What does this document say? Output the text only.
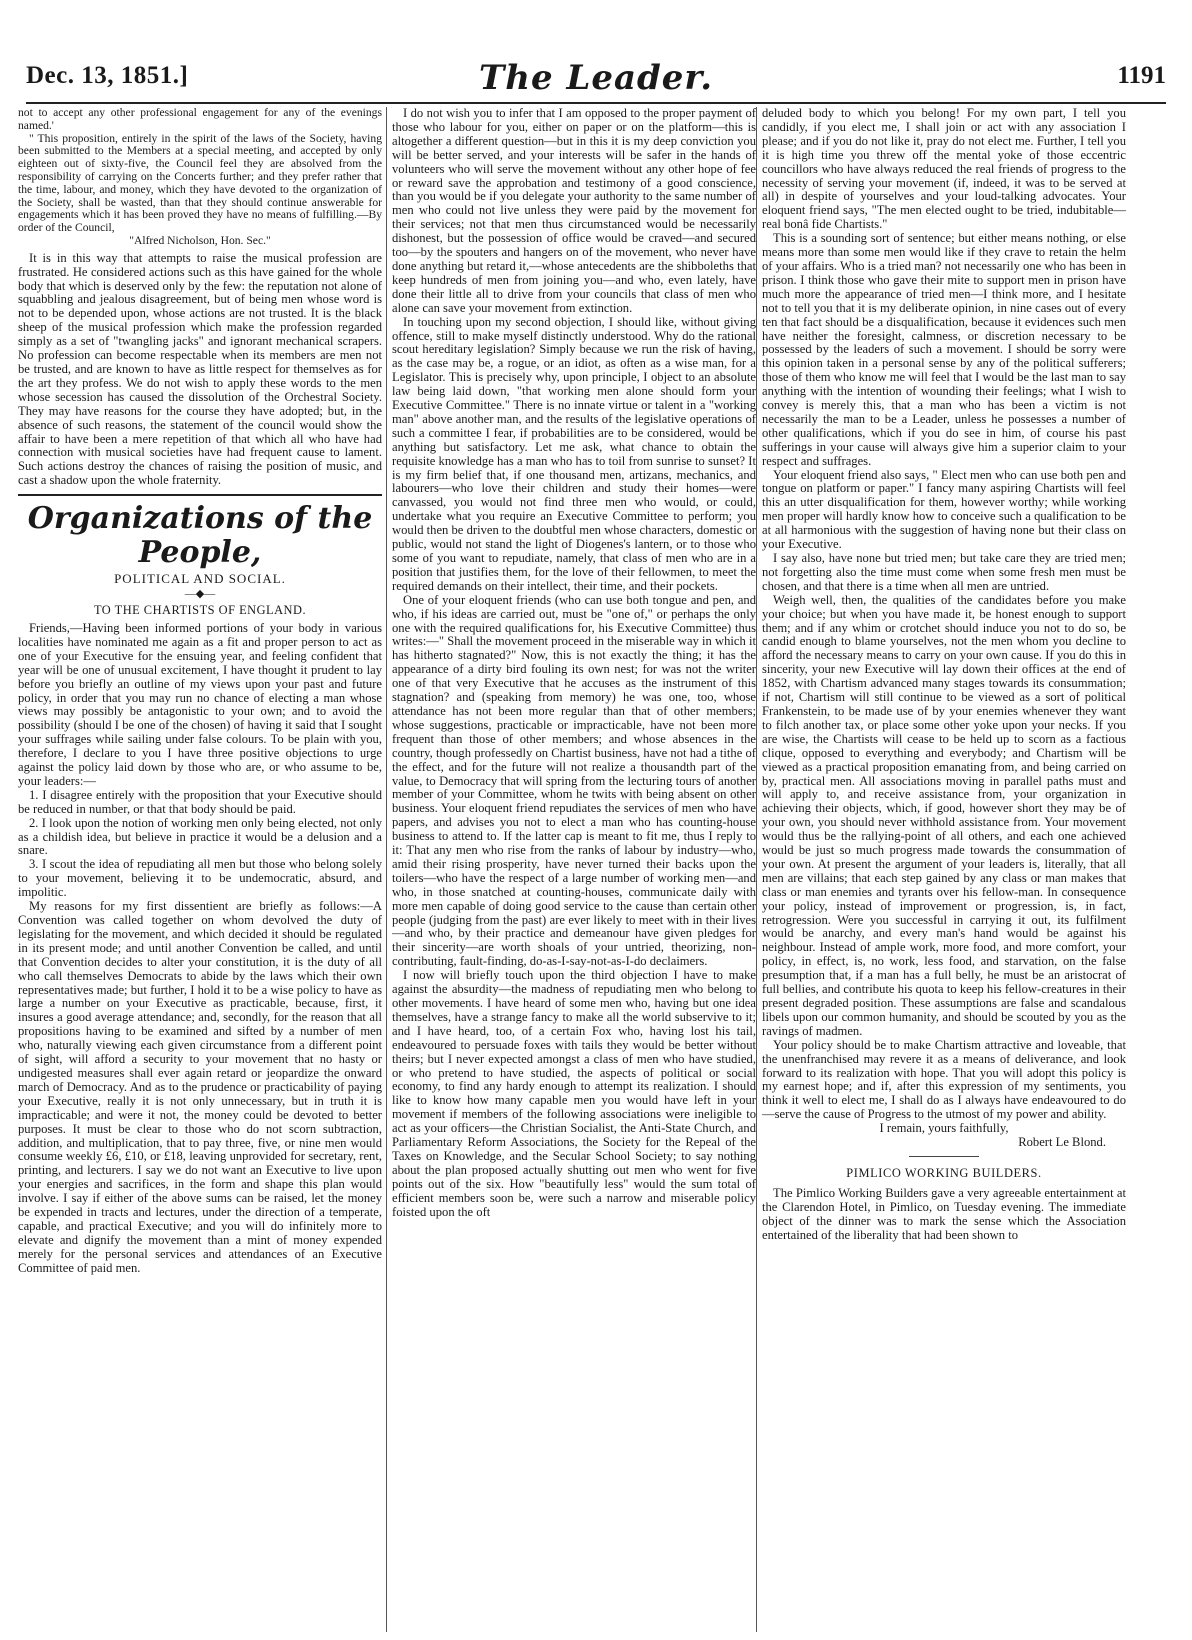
Dec. 13, 1851.]	The Leader.	1191

not to accept any other professional engagement for any of the evenings named.'

" This proposition, entirely in the spirit of the laws of the Society, having been submitted to the Members at a special meeting, and accepted by only eighteen out of sixty-five, the Council feel they are absolved from the responsibility of carrying on the Concerts further; and they prefer rather that the time, labour, and money, which they have devoted to the organization of the Society, shall be wasted, than that they should continue answerable for engagements which it has been proved they have no means of fulfilling.—By order of the Council,

"Alfred Nicholson, Hon. Sec."

It is in this way that attempts to raise the musical profession are frustrated. He considered actions such as this have gained for the whole body that which is deserved only by the few: the reputation not alone of squabbling and jealous disagreement, but of being men whose word is not to be depended upon, whose actions are not trusted. It is the black sheep of the musical profession which make the profession regarded simply as a set of "twangling jacks" and ignorant mechanical scrapers. No profession can become respectable when its members are men not be trusted, and are known to have as little respect for themselves as for the art they profess. We do not wish to apply these words to the men whose secession has caused the dissolution of the Orchestral Society. They may have reasons for the course they have adopted; but, in the absence of such reasons, the statement of the council would show the affair to have been a mere repetition of that which all who have had connection with musical societies have had frequent cause to lament. Such actions destroy the chances of raising the position of music, and cast a shadow upon the whole fraternity.

Organizations of the People,
POLITICAL AND SOCIAL.
—◆—
TO THE CHARTISTS OF ENGLAND.

Friends,—Having been informed portions of your body in various localities have nominated me again as a fit and proper person to act as one of your Executive for the ensuing year, and feeling confident that year will be one of unusual excitement, I have thought it prudent to lay before you briefly an outline of my views upon your past and future policy, in order that you may run no chance of electing a man whose views may possibly be antagonistic to your own; and to avoid the possibility (should I be one of the chosen) of having it said that I sought your suffrages while sailing under false colours. To be plain with you, therefore, I declare to you I have three positive objections to urge against the policy laid down by those who are, or who assume to be, your leaders:—

1. I disagree entirely with the proposition that your Executive should be reduced in number, or that that body should be paid.

2. I look upon the notion of working men only being elected, not only as a childish idea, but believe in practice it would be a delusion and a snare.

3. I scout the idea of repudiating all men but those who belong solely to your movement, believing it to be undemocratic, absurd, and impolitic.

My reasons for my first dissentient are briefly as follows:—A Convention was called together on whom devolved the duty of legislating for the movement, and which decided it should be regulated in its present mode; and until another Convention be called, and until that Convention decides to alter your constitution, it is the duty of all who call themselves Democrats to abide by the laws which their own representatives made; but further, I hold it to be a wise policy to have as large a number on your Executive as practicable, because, first, it insures a good average attendance; and, secondly, for the reason that all propositions having to be examined and sifted by a number of men who, naturally viewing each given circumstance from a different point of sight, will afford a security to your movement that no hasty or undigested measures shall ever again retard or jeopardize the onward march of Democracy. And as to the prudence or practicability of paying your Executive, really it is not only unnecessary, but in truth it is impracticable; and were it not, the money could be devoted to better purposes. It must be clear to those who do not scorn subtraction, addition, and multiplication, that to pay three, five, or nine men would consume weekly £6, £10, or £18, leaving unprovided for secretary, rent, printing, and lecturers. I say we do not want an Executive to live upon your energies and sacrifices, in the form and shape this plan would involve. I say if either of the above sums can be raised, let the money be expended in tracts and lectures, under the direction of a temperate, capable, and practical Executive; and you will do infinitely more to elevate and dignify the movement than a mint of money expended merely for the personal services and attendances of an Executive Committee of paid men.

I do not wish you to infer that I am opposed to the proper payment of those who labour for you, either on paper or on the platform—this is altogether a different question—but in this it is my deep conviction you will be better served, and your interests will be safer in the hands of volunteers who will serve the movement without any other hope of fee or reward save the approbation and testimony of a good conscience, than you would be if you delegate your authority to the same number of men who could not live unless they were paid by the movement for their services; not that men thus circumstanced would be necessarily dishonest, but the possession of office would be craved—and secured too—by the spouters and hangers on of the movement, who never have done anything but retard it,—whose antecedents are the shibboleths that keep hundreds of men from joining you—and who, even lately, have done their little all to drive from your councils that class of men who alone can save your movement from extinction.

In touching upon my second objection, I should like, without giving offence, still to make myself distinctly understood. Why do the rational scout hereditary legislation? Simply because we run the risk of having, as the case may be, a rogue, or an idiot, as often as a wise man, for a Legislator. This is precisely why, upon principle, I object to an absolute law being laid down, "that working men alone should form your Executive Committee." There is no innate virtue or talent in a "working man" above another man, and the results of the legislative operations of such a committee I fear, if probabilities are to be considered, would be anything but satisfactory. Let me ask, what chance to obtain the requisite knowledge has a man who has to toil from sunrise to sunset? It is my firm belief that, if one thousand men, artizans, mechanics, and labourers—who love their children and study their homes—were canvassed, you would not find three men who would, or could, undertake what you require an Executive Committee to perform; you would then be driven to the doubtful men whose characters, domestic or public, would not stand the light of Diogenes's lantern, or to those who some of you want to repudiate, namely, that class of men who are in a position that justifies them, for the love of their fellowmen, to meet the required demands on their intellect, their time, and their pockets.

One of your eloquent friends (who can use both tongue and pen, and who, if his ideas are carried out, must be "one of," or perhaps the only one with the required qualifications for, his Executive Committee) thus writes:—" Shall the movement proceed in the miserable way in which it has hitherto stagnated?" Now, this is not exactly the thing; it has the appearance of a dirty bird fouling its own nest; for was not the writer one of that very Executive that he accuses as the instrument of this stagnation? and (speaking from memory) he was one, too, whose attendance has not been more regular than that of other members; whose suggestions, practicable or impracticable, have not been more frequent than those of other members; and whose absences in the country, though professedly on Chartist business, have not had a tithe of the effect, and for the future will not realize a thousandth part of the value, to Democracy that will spring from the lecturing tours of another member of your Committee, whom he twits with being absent on other business. Your eloquent friend repudiates the services of men who have papers, and advises you not to elect a man who has counting-house business to attend to. If the latter cap is meant to fit me, thus I reply to it: That any men who rise from the ranks of labour by industry—who, amid their rising prosperity, have never turned their backs upon the toilers—who have the respect of a large number of working men—and who, in those snatched at counting-houses, communicate daily with more men capable of doing good service to the cause than certain other people (judging from the past) are ever likely to meet with in their lives—and who, by their practice and demeanour have given pledges for their sincerity—are worth shoals of your untried, theorizing, non-contributing, fault-finding, do-as-I-say-not-as-I-do declaimers.

I now will briefly touch upon the third objection I have to make against the absurdity—the madness of repudiating men who belong to other movements. I have heard of some men who, having but one idea themselves, have a strange fancy to make all the world subservive to it; and I have heard, too, of a certain Fox who, having lost his tail, endeavoured to persuade foxes with tails they would be better without theirs; but I never expected amongst a class of men who have studied, or who pretend to have studied, the aspects of political or social economy, to find any hardy enough to attempt its realization. I should like to know how many capable men you would have left in your movement if members of the following associations were ineligible to act as your officers—the Christian Socialist, the Anti-State Church, and Parliamentary Reform Associations, the Society for the Repeal of the Taxes on Knowledge, and the Secular School Society; to say nothing about the plan proposed actually shutting out men who went for five points out of the six. How "beautifully less" would the sum total of efficient members soon be, were such a narrow and miserable policy foisted upon the oft

deluded body to which you belong! For my own part, I tell you candidly, if you elect me, I shall join or act with any association I please; and if you do not like it, pray do not elect me. Further, I tell you it is high time you threw off the mental yoke of those eccentric councillors who have always reduced the real friends of progress to the necessity of serving your movement (if, indeed, it was to be served at all) in despite of yourselves and your loud-talking advocates. Your eloquent friend says, "The men elected ought to be tried, indubitable—real bonâ fide Chartists."

This is a sounding sort of sentence; but either means nothing, or else means more than some men would like if they crave to retain the helm of your affairs. Who is a tried man? not necessarily one who has been in prison. I think those who gave their mite to support men in prison have much more the appearance of tried men—I think more, and I hesitate not to tell you that it is my deliberate opinion, in nine cases out of every ten that fact should be a disqualification, because it evidences such men have neither the foresight, calmness, or discretion necessary to be possessed by the leaders of such a movement. I should be sorry were this opinion taken in a personal sense by any of the political sufferers; those of them who know me will feel that I would be the last man to say anything with the intention of wounding their feelings; what I wish to convey is merely this, that a man who has been a victim is not necessarily the man to be a Leader, unless he possesses a number of other qualifications, which if you do see in him, of course his past sufferings in your cause will always give him a superior claim to your respect and suffrages.

Your eloquent friend also says, " Elect men who can use both pen and tongue on platform or paper." I fancy many aspiring Chartists will feel this an utter disqualification for them, however worthy; while working men proper will hardly know how to conceive such a qualification to be at all harmonious with the suggestion of having none but their class on your Executive.

I say also, have none but tried men; but take care they are tried men; not forgetting also the time must come when some fresh men must be chosen, and that there is a time when all men are untried.

Weigh well, then, the qualities of the candidates before you make your choice; but when you have made it, be honest enough to support them; and if any whim or crotchet should induce you not to do so, be candid enough to blame yourselves, not the men whom you decline to afford the necessary means to carry on your own cause. If you do this in sincerity, your new Executive will lay down their offices at the end of 1852, with Chartism advanced many stages towards its consummation; if not, Chartism will still continue to be viewed as a sort of political Frankenstein, to be made use of by your enemies whenever they want to filch another tax, or place some other yoke upon your necks. If you are wise, the Chartists will cease to be held up to scorn as a factious clique, opposed to everything and everybody; and Chartism will be viewed as a practical proposition emanating from, and being carried on by, practical men. All associations moving in parallel paths must and will apply to, and receive assistance from, your organization in achieving their objects, which, if good, however short they may be of your own, you should never withhold assistance from. Your movement would thus be the rallying-point of all others, and each one achieved would be just so much progress made towards the consummation of your own. At present the argument of your leaders is, literally, that all men are villains; that each step gained by any class or man makes that class or man enemies and tyrants over his fellow-man. In consequence your policy, instead of improvement or progression, is, in fact, retrogression. Were you successful in carrying it out, its fulfilment would be anarchy, and every man's hand would be against his neighbour. Instead of ample work, more food, and more comfort, your policy, in effect, is, no work, less food, and starvation, on the false presumption that, if a man has a full belly, he must be an aristocrat of full bellies, and contribute his quota to keep his fellow-creatures in their present degraded position. These assumptions are false and scandalous libels upon our common humanity, and should be scouted by you as the ravings of madmen.

Your policy should be to make Chartism attractive and loveable, that the unenfranchised may revere it as a means of deliverance, and look forward to its realization with hope. That you will adopt this policy is my earnest hope; and if, after this expression of my sentiments, you think it well to elect me, I shall do as I always have endeavoured to do—serve the cause of Progress to the utmost of my power and ability.

I remain, yours faithfully,

Robert Le Blond.

PIMLICO WORKING BUILDERS.

The Pimlico Working Builders gave a very agreeable entertainment at the Clarendon Hotel, in Pimlico, on Tuesday evening. The immediate object of the dinner was to mark the sense which the Association entertained of the liberality that had been shown to
